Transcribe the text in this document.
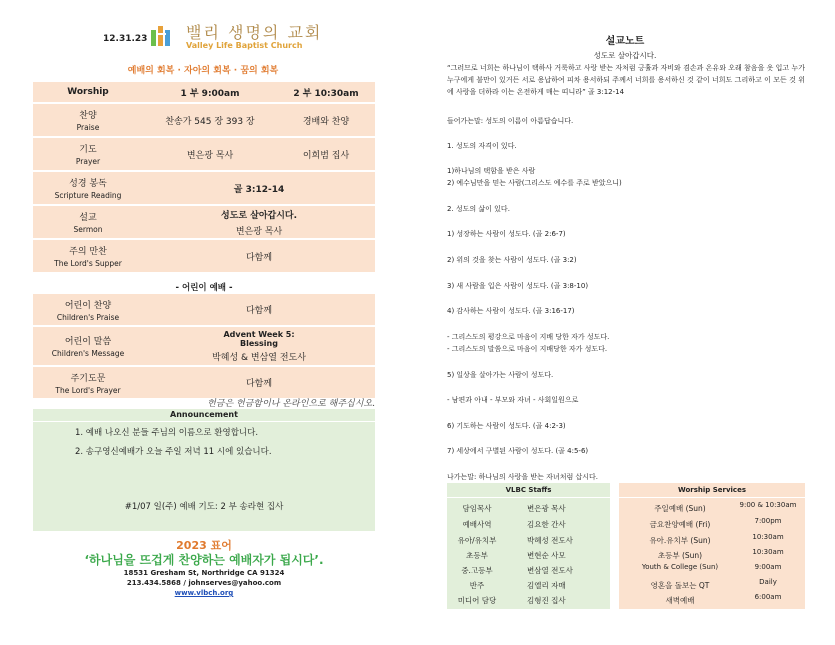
12.31.23 밸리 생명의 교회
Valley Life Baptist Church
예배의 회복 · 자아의 회복 · 꿈의 회복
Worship	1 부 9:00am	2 부 10:30am

찬양
Praise	찬송가 545 장 393 장	경배와 찬양

기도
Prayer	변은광 목사	이희범 집사

성경 봉독
Scripture Reading	골 3:12-14	

설교
Sermon	성도로 살아갑시다.
변은광 목사	

주의 만찬
The Lord's Supper	다함께	
- 어린이 예배 -
어린이 찬양
Children's Praise	다함께

어린이 말씀
Children's Message	Advent Week 5:
Blessing
박혜성 & 변삼열 전도사

주기도문
The Lord's Prayer	다함께
헌금은 헌금함이나 온라인으로 해주십시오.
Announcement
1. 예배 나오신 분들 주님의 이름으로 환영합니다.
2. 송구영신예배가 오늘 주일 저녁 11 시에 있습니다.
#1/07 일(주) 예배 기도: 2 부 송라현 집사
2023 표어
‘하나님을 뜨겁게 찬양하는 예배자가 됩시다’.
18531 Gresham St, Northridge CA 91324
213.434.5868 / johnserves@yahoo.com
www.vlbch.org
설교노트
성도로 살아갑시다.
“그러므로 너희는 하나님이 택하사 거룩하고 사랑 받는 자처럼 긍휼과 자비와 겸손과 온유와 오래 참음을 옷 입고 누가 누구에게 불만이 있거든 서로 용납하여 피차 용서하되 주께서 너희를 용서하신 것 같이 너희도 그리하고 이 모든 것 위에 사랑을 더하라 이는 온전하게 매는 띠니라” 골 3:12-14
들어가는말: 성도의 이름이 아름답습니다.
1. 성도의 자격이 있다.
1)하나님의 택함을 받은 사람
2) 예수님만을 믿는 사람(그리스도 예수를 주로 받았으니)
2. 성도의 삶이 있다.
1) 성장하는 사람이 성도다. (골 2:6-7)
2) 위의 것을 찾는 사람이 성도다. (골 3:2)
3) 새 사람을 입은 사람이 성도다. (골 3:8-10)
4) 감사하는 사람이 성도다. (골 3:16-17)
- 그리스도의 평강으로 마음이 지배 당한 자가 성도다.
- 그리스도의 말씀으로 마음이 지배당한 자가 성도다.
5) 일상을 살아가는 사람이 성도다.
- 남편과 아내 - 부모와 자녀 - 사회일원으로
6) 기도하는 사람이 성도다. (골 4:2-3)
7) 세상에서 구별된 사람이 성도다. (골 4:5-6)
나가는말: 하나님의 사랑을 받는 자녀처럼 삽시다.
VLBC Staffs
담임목사	변은광 목사
예배사역	김요한 간사
유아/유치부	박혜성 전도사
초등부	변현순 사모
중.고등부	변삼열 전도사
반주	김엘리 자매
미디어 담당	김형진 집사
Worship Services
주일예배 (Sun)	9:00 & 10:30am
금요찬양예배 (Fri)	7:00pm
유아.유치부 (Sun)	10:30am
초등부 (Sun)	10:30am
Youth & College (Sun)	9:00am
영혼을 돌보는 QT	Daily
새벽예배	6:00am
